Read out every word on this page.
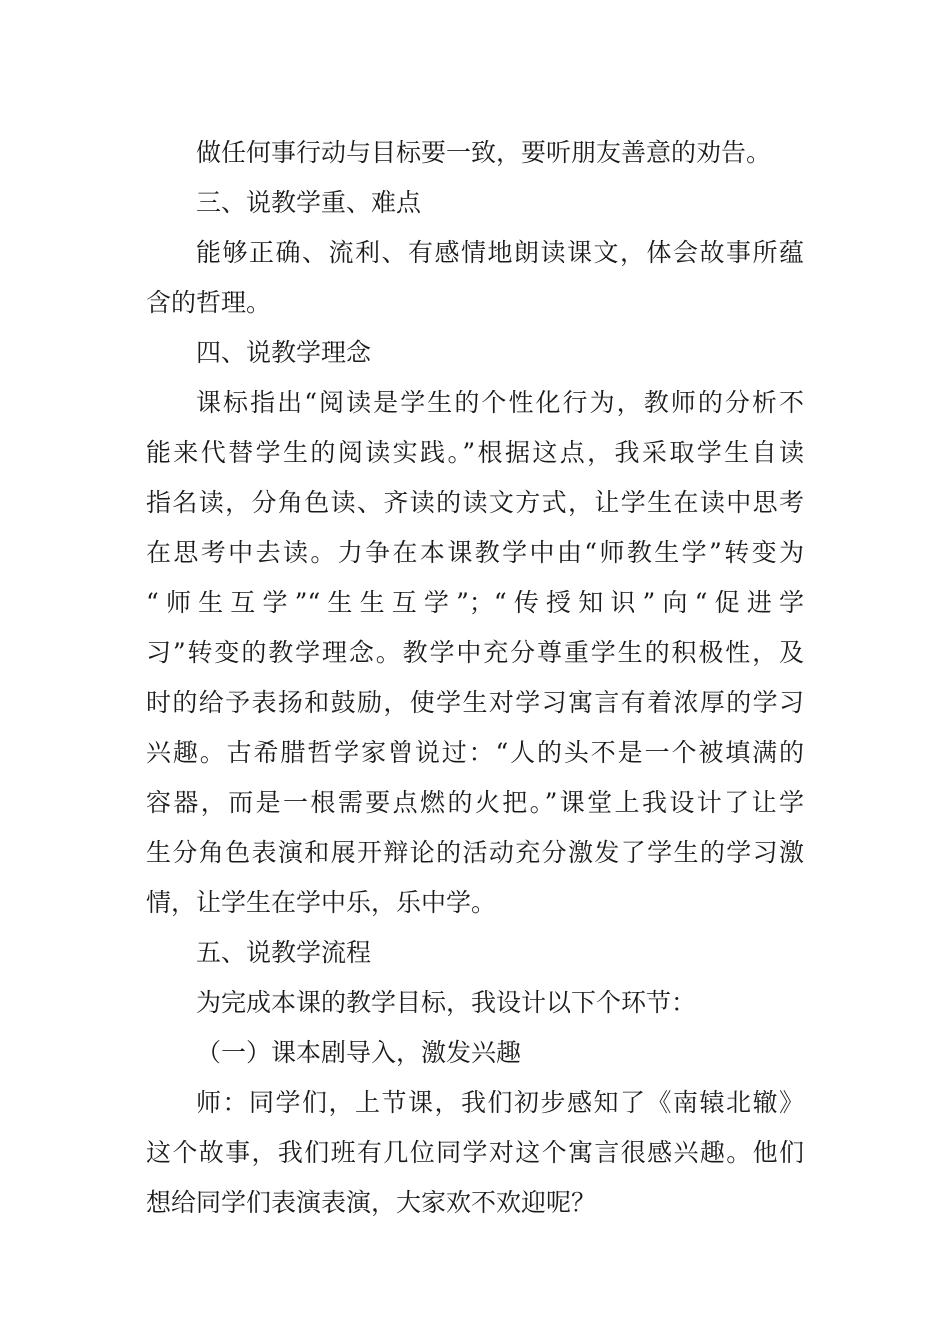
做任何事行动与目标要一致，要听朋友善意的劝告。

三、说教学重、难点

能够正确、流利、有感情地朗读课文，体会故事所蕴

含的哲理。

四、说教学理念

课标指出“阅读是学生的个性化行为，教师的分析不

能来代替学生的阅读实践。”根据这点，我采取学生自读

指名读，分角色读、齐读的读文方式，让学生在读中思考

在思考中去读。力争在本课教学中由“师教生学”转变为

“师生互学”“生生互学”；“传授知识”向“促进学

习”转变的教学理念。教学中充分尊重学生的积极性，及

时的给予表扬和鼓励，使学生对学习寓言有着浓厚的学习

兴趣。古希腊哲学家曾说过：“人的头不是一个被填满的

容器，而是一根需要点燃的火把。”课堂上我设计了让学

生分角色表演和展开辩论的活动充分激发了学生的学习激

情，让学生在学中乐，乐中学。

五、说教学流程

为完成本课的教学目标，我设计以下个环节：

（一）课本剧导入，激发兴趣

师：同学们，上节课，我们初步感知了《南辕北辙》

这个故事，我们班有几位同学对这个寓言很感兴趣。他们

想给同学们表演表演，大家欢不欢迎呢？
